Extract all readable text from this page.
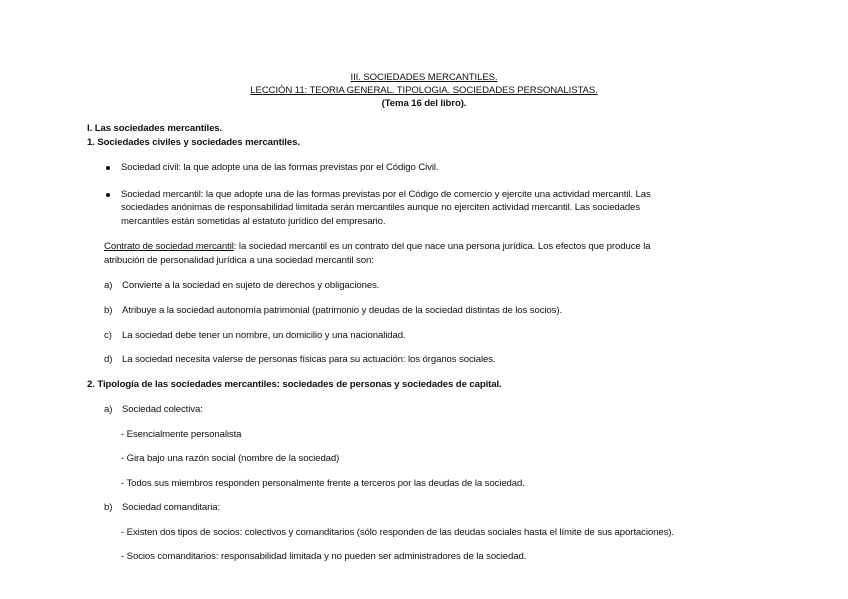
III. SOCIEDADES MERCANTILES.
LECCIÓN 11: TEORIA GENERAL. TIPOLOGIA. SOCIEDADES PERSONALISTAS.
(Tema 16 del libro).
I. Las sociedades mercantiles.
1. Sociedades civiles y sociedades mercantiles.
Sociedad civil: la que adopte una de las formas previstas por el Código Civil.
Sociedad mercantil: la que adopte una de las formas previstas por el Código de comercio y ejercite una actividad mercantil. Las
sociedades anónimas de responsabilidad limitada serán mercantiles aunque no ejerciten actividad mercantil. Las sociedades
mercantiles están sometidas al estatuto jurídico del empresario.
Contrato de sociedad mercantil: la sociedad mercantil es un contrato del que nace una persona jurídica. Los efectos que produce la
atribución de personalidad jurídica a una sociedad mercantil son:
a) Convierte a la sociedad en sujeto de derechos y obligaciones.
b) Atribuye a la sociedad autonomía patrimonial (patrimonio y deudas de la sociedad distintas de los socios).
c) La sociedad debe tener un nombre, un domicilio y una nacionalidad.
d) La sociedad necesita valerse de personas físicas para su actuación: los órganos sociales.
2. Tipología de las sociedades mercantiles: sociedades de personas y sociedades de capital.
a) Sociedad colectiva:
- Esencialmente personalista
- Gira bajo una razón social (nombre de la sociedad)
- Todos sus miembros responden personalmente frente a terceros por las deudas de la sociedad.
b) Sociedad comanditaria:
- Existen dos tipos de socios: colectivos y comanditarios (sólo responden de las deudas sociales hasta el límite de sus aportaciones).
- Socios comanditarios: responsabilidad limitada y no pueden ser administradores de la sociedad.
